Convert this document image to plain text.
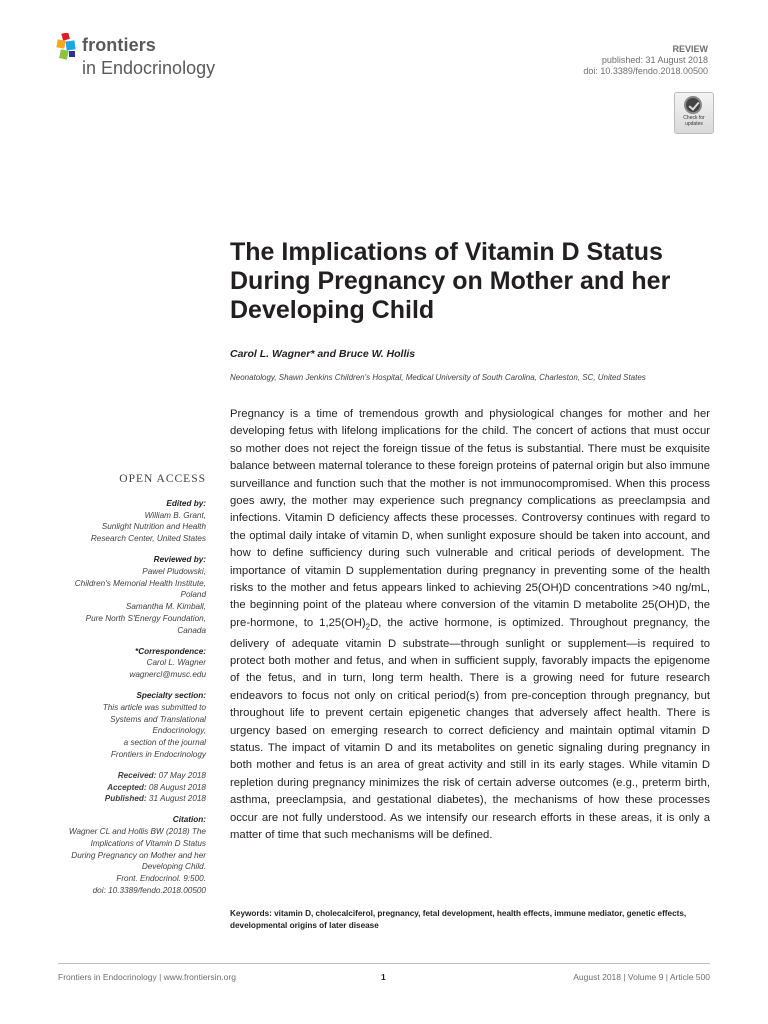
frontiers
in Endocrinology
REVIEW
published: 31 August 2018
doi: 10.3389/fendo.2018.00500
Check for updates
The Implications of Vitamin D Status During Pregnancy on Mother and her Developing Child
Carol L. Wagner* and Bruce W. Hollis
Neonatology, Shawn Jenkins Children's Hospital, Medical University of South Carolina, Charleston, SC, United States
Pregnancy is a time of tremendous growth and physiological changes for mother and her developing fetus with lifelong implications for the child. The concert of actions that must occur so mother does not reject the foreign tissue of the fetus is substantial. There must be exquisite balance between maternal tolerance to these foreign proteins of paternal origin but also immune surveillance and function such that the mother is not immunocompromised. When this process goes awry, the mother may experience such pregnancy complications as preeclampsia and infections. Vitamin D deficiency affects these processes. Controversy continues with regard to the optimal daily intake of vitamin D, when sunlight exposure should be taken into account, and how to define sufficiency during such vulnerable and critical periods of development. The importance of vitamin D supplementation during pregnancy in preventing some of the health risks to the mother and fetus appears linked to achieving 25(OH)D concentrations >40 ng/mL, the beginning point of the plateau where conversion of the vitamin D metabolite 25(OH)D, the pre-hormone, to $1,25(OH)_2D$, the active hormone, is optimized. Throughout pregnancy, the delivery of adequate vitamin D substrate—through sunlight or supplement—is required to protect both mother and fetus, and when in sufficient supply, favorably impacts the epigenome of the fetus, and in turn, long term health. There is a growing need for future research endeavors to focus not only on critical period(s) from pre-conception through pregnancy, but throughout life to prevent certain epigenetic changes that adversely affect health. There is urgency based on emerging research to correct deficiency and maintain optimal vitamin D status. The impact of vitamin D and its metabolites on genetic signaling during pregnancy in both mother and fetus is an area of great activity and still in its early stages. While vitamin D repletion during pregnancy minimizes the risk of certain adverse outcomes (e.g., preterm birth, asthma, preeclampsia, and gestational diabetes), the mechanisms of how these processes occur are not fully understood. As we intensify our research efforts in these areas, it is only a matter of time that such mechanisms will be defined.
Keywords: vitamin D, cholecalciferol, pregnancy, fetal development, health effects, immune mediator, genetic effects, developmental origins of later disease
OPEN ACCESS
Edited by:
William B. Grant,
Sunlight Nutrition and Health
Research Center, United States
Reviewed by:
Pawel Pludowski,
Children's Memorial Health Institute,
Poland
Samantha M. Kimball,
Pure North S'Energy Foundation,
Canada
*Correspondence:
Carol L. Wagner
wagnercl@musc.edu
Specialty section:
This article was submitted to
Systems and Translational
Endocrinology,
a section of the journal
Frontiers in Endocrinology
Received: 07 May 2018
Accepted: 08 August 2018
Published: 31 August 2018
Citation:
Wagner CL and Hollis BW (2018) The
Implications of Vitamin D Status
During Pregnancy on Mother and her
Developing Child.
Front. Endocrinol. 9:500.
doi: 10.3389/fendo.2018.00500
Frontiers in Endocrinology | www.frontiersin.org	1	August 2018 | Volume 9 | Article 500
